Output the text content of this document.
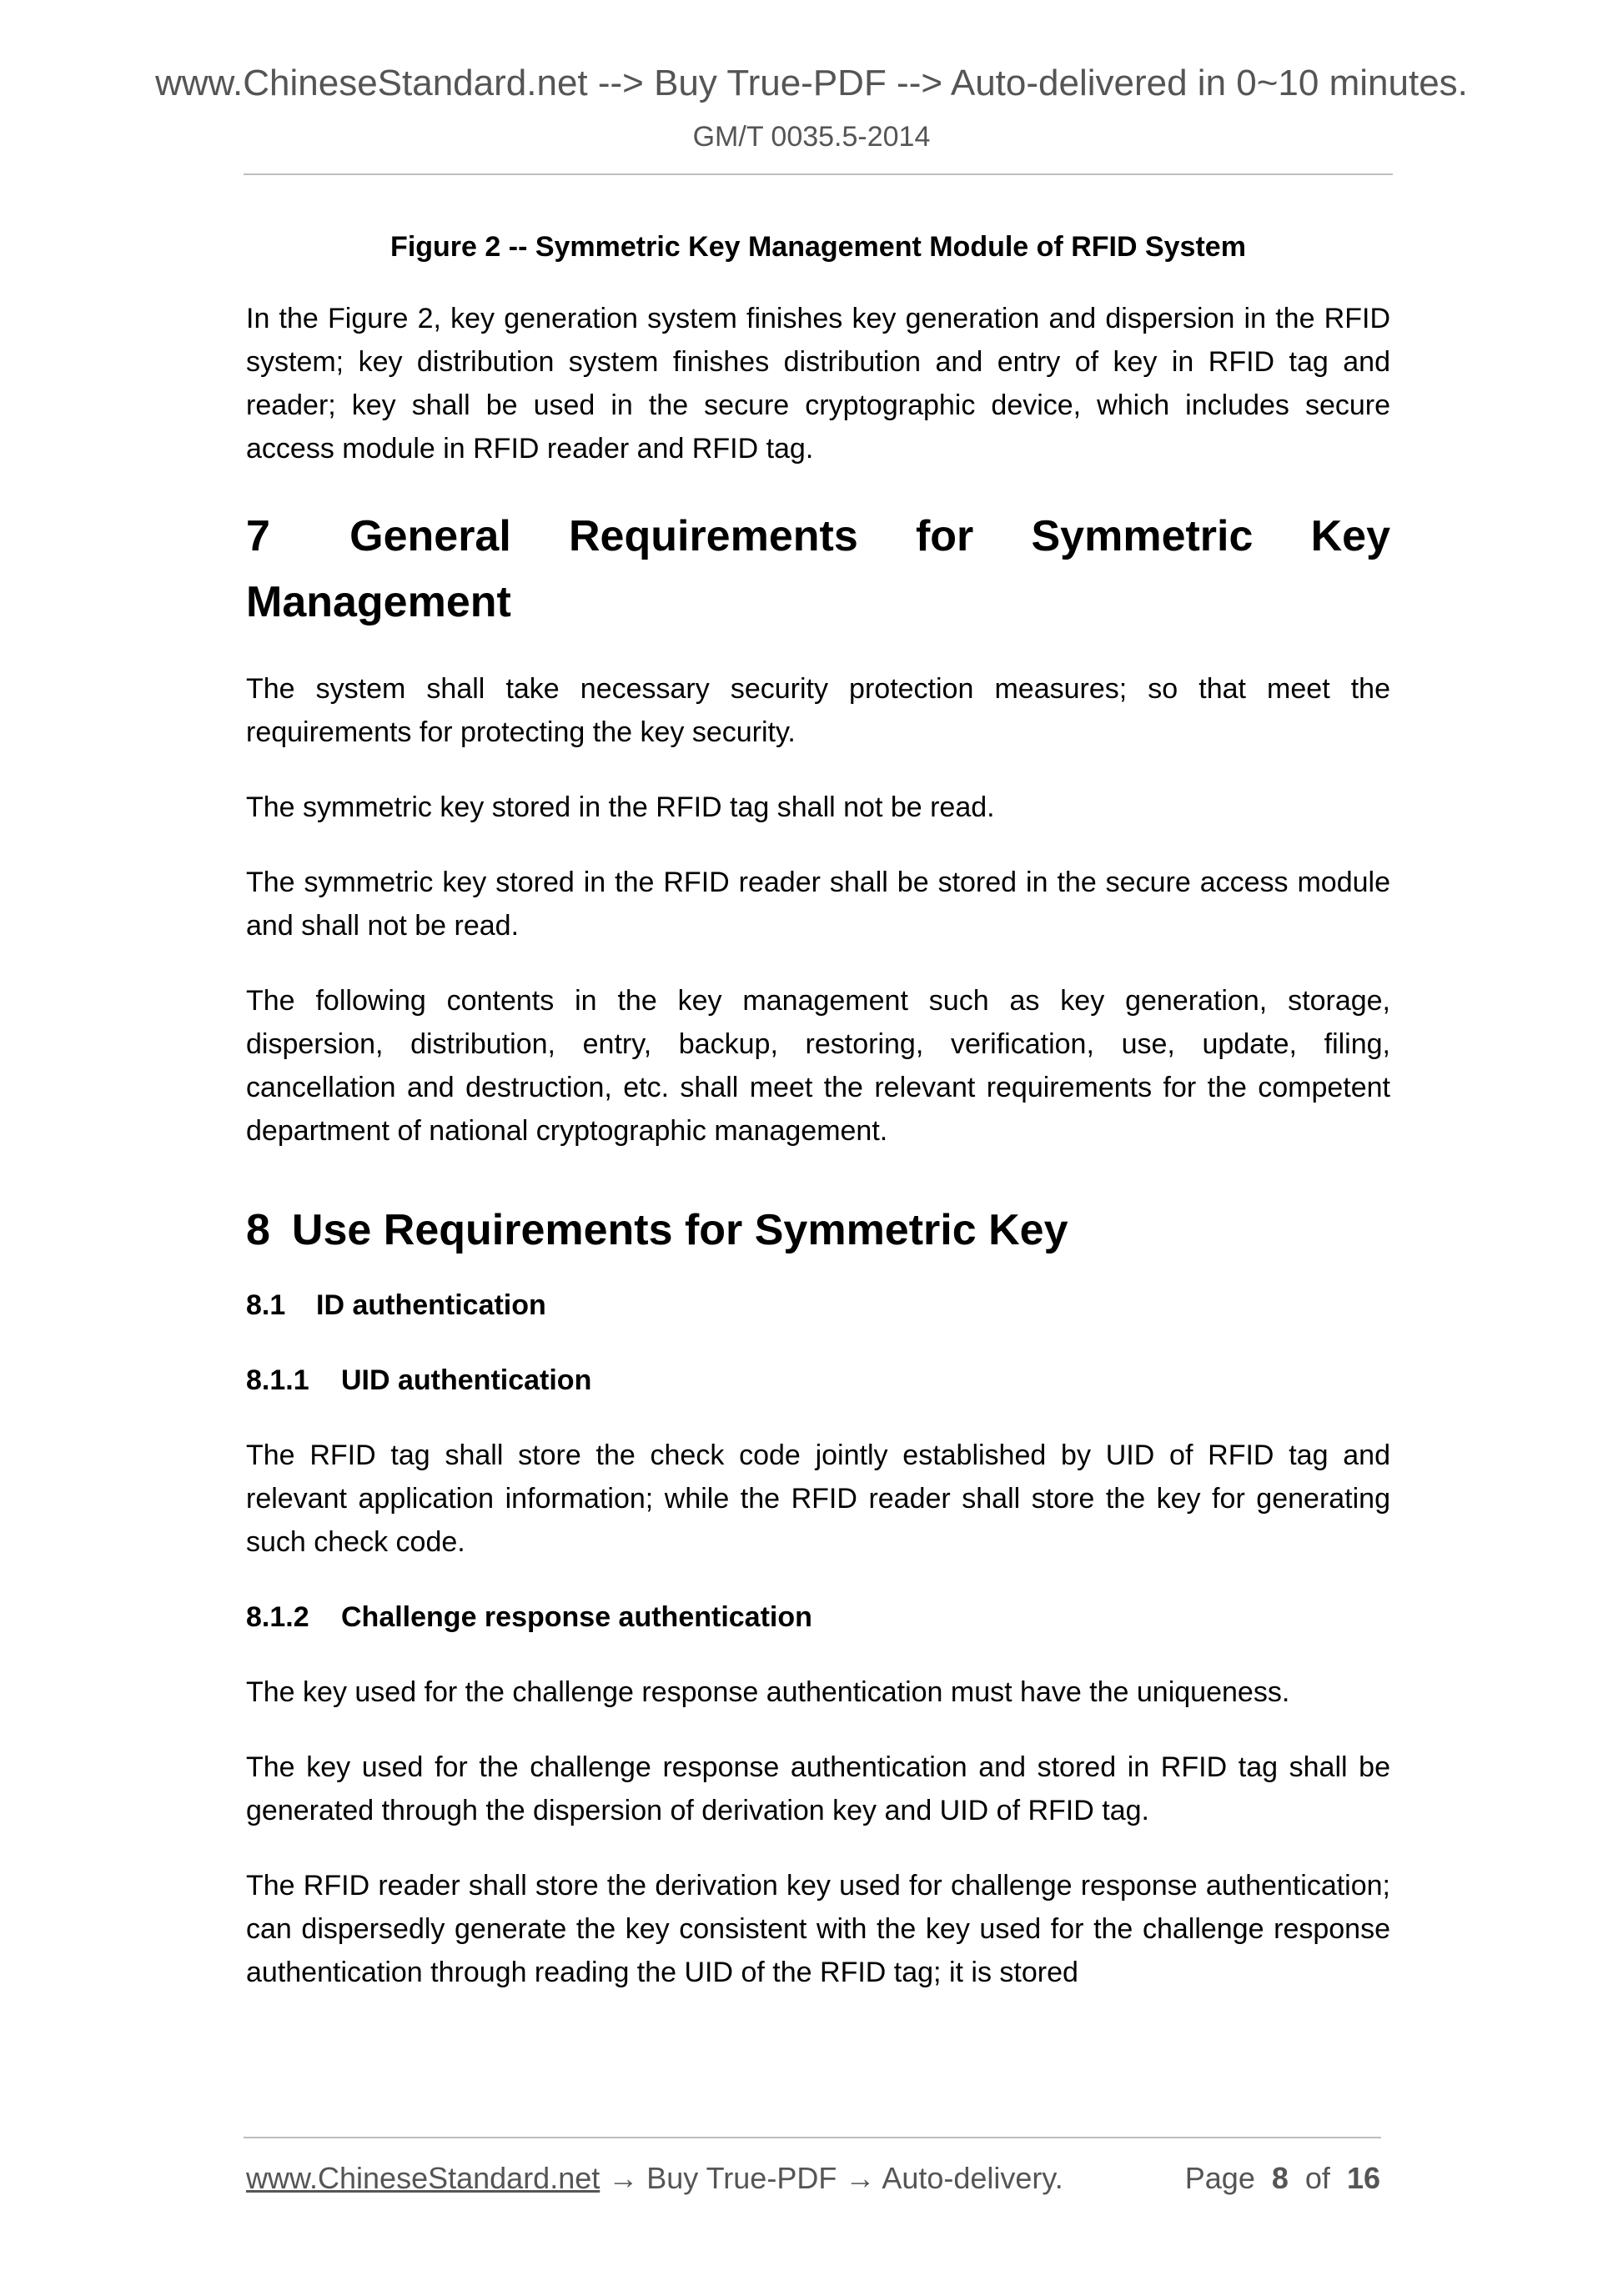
www.ChineseStandard.net --> Buy True-PDF --> Auto-delivered in 0~10 minutes.
GM/T 0035.5-2014

Figure 2 -- Symmetric Key Management Module of RFID System

In the Figure 2, key generation system finishes key generation and dispersion in the RFID system; key distribution system finishes distribution and entry of key in RFID tag and reader; key shall be used in the secure cryptographic device, which includes secure access module in RFID reader and RFID tag.

7 General Requirements for Symmetric Key
Management

The system shall take necessary security protection measures; so that meet the requirements for protecting the key security.

The symmetric key stored in the RFID tag shall not be read.

The symmetric key stored in the RFID reader shall be stored in the secure access module and shall not be read.

The following contents in the key management such as key generation, storage, dispersion, distribution, entry, backup, restoring, verification, use, update, filing, cancellation and destruction, etc. shall meet the relevant requirements for the competent department of national cryptographic management.

8 Use Requirements for Symmetric Key
8.1 ID authentication
8.1.1 UID authentication

The RFID tag shall store the check code jointly established by UID of RFID tag and relevant application information; while the RFID reader shall store the key for generating such check code.

8.1.2 Challenge response authentication

The key used for the challenge response authentication must have the uniqueness.

The key used for the challenge response authentication and stored in RFID tag shall be generated through the dispersion of derivation key and UID of RFID tag.

The RFID reader shall store the derivation key used for challenge response authentication; can dispersedly generate the key consistent with the key used for the challenge response authentication through reading the UID of the RFID tag; it is stored

www.ChineseStandard.net → Buy True-PDF → Auto-delivery.	Page 8 of 16
